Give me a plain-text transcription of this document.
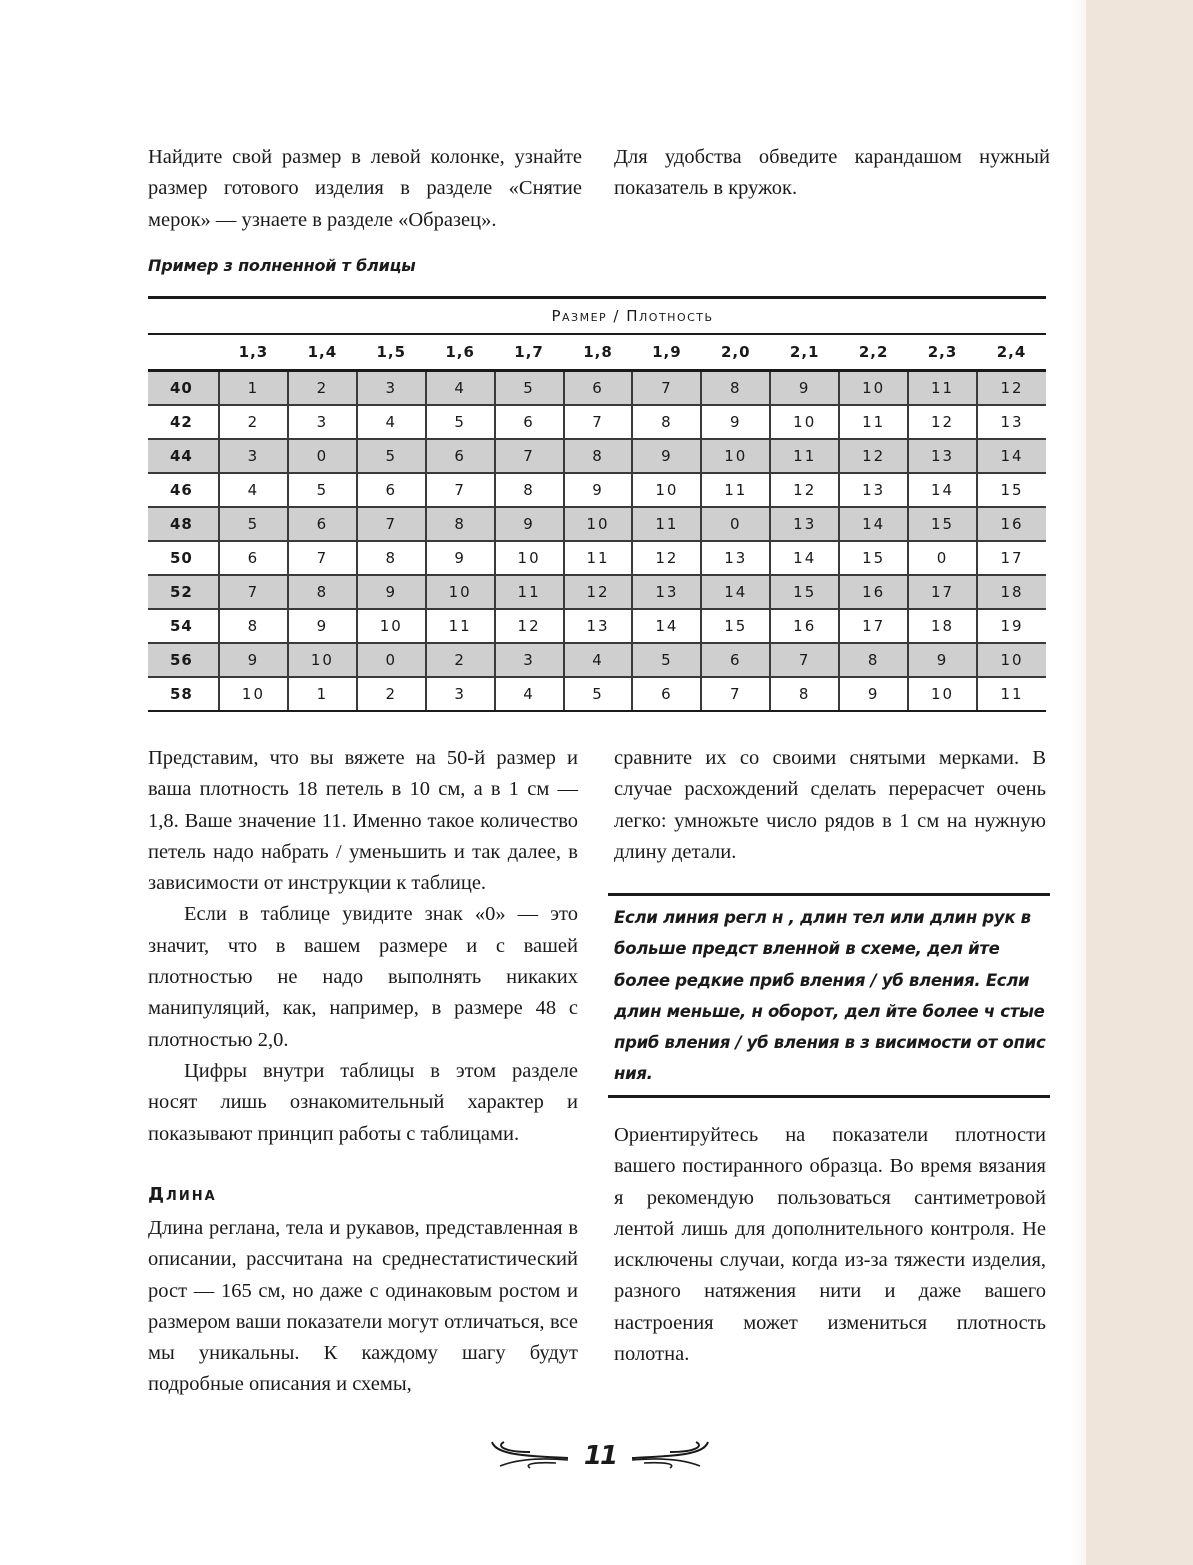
Найдите свой размер в левой колонке, узнайте размер готового изделия в разделе «Снятие мерок» — узнаете в разделе «Образец».

Для удобства обведите карандашом нужный показатель в кружок.

Пример з полненной т блицы
	Размер / Плотность											
	1,3	1,4	1,5	1,6	1,7	1,8	1,9	2,0	2,1	2,2	2,3	2,4
40	1	2	3	4	5	6	7	8	9	10	11	12
42	2	3	4	5	6	7	8	9	10	11	12	13
44	3	0	5	6	7	8	9	10	11	12	13	14
46	4	5	6	7	8	9	10	11	12	13	14	15
48	5	6	7	8	9	10	11	0	13	14	15	16
50	6	7	8	9	10	11	12	13	14	15	0	17
52	7	8	9	10	11	12	13	14	15	16	17	18
54	8	9	10	11	12	13	14	15	16	17	18	19
56	9	10	0	2	3	4	5	6	7	8	9	10
58	10	1	2	3	4	5	6	7	8	9	10	11

Представим, что вы вяжете на 50-й размер и ваша плотность 18 петель в 10 см, а в 1 см — 1,8. Ваше значение 11. Именно такое количество петель надо набрать / уменьшить и так далее, в зависимости от инструкции к таблице.

Если в таблице увидите знак «0» — это значит, что в вашем размере и с вашей плотностью не надо выполнять никаких манипуляций, как, например, в размере 48 с плотностью 2,0.

Цифры внутри таблицы в этом разделе носят лишь ознакомительный характер и показывают принцип работы с таблицами.

Длина

Длина реглана, тела и рукавов, представленная в описании, рассчитана на среднестатистический рост — 165 см, но даже с одинаковым ростом и размером ваши показатели могут отличаться, все мы уникальны. К каждому шагу будут подробные описания и схемы,

сравните их со своими снятыми мерками. В случае расхождений сделать перерасчет очень легко: умножьте число рядов в 1 см на нужную длину детали.

Если линия регл н , длин тел или длин рук в больше предст вленной в схеме, дел йте более редкие приб вления / уб вления. Если длин меньше, н оборот, дел йте более ч стые приб вления / уб вления в з висимости от опис ния.

Ориентируйтесь на показатели плотности вашего постиранного образца. Во время вязания я рекомендую пользоваться сантиметровой лентой лишь для дополнительного контроля. Не исключены случаи, когда из-за тяжести изделия, разного натяжения нити и даже вашего настроения может измениться плотность полотна.

11
